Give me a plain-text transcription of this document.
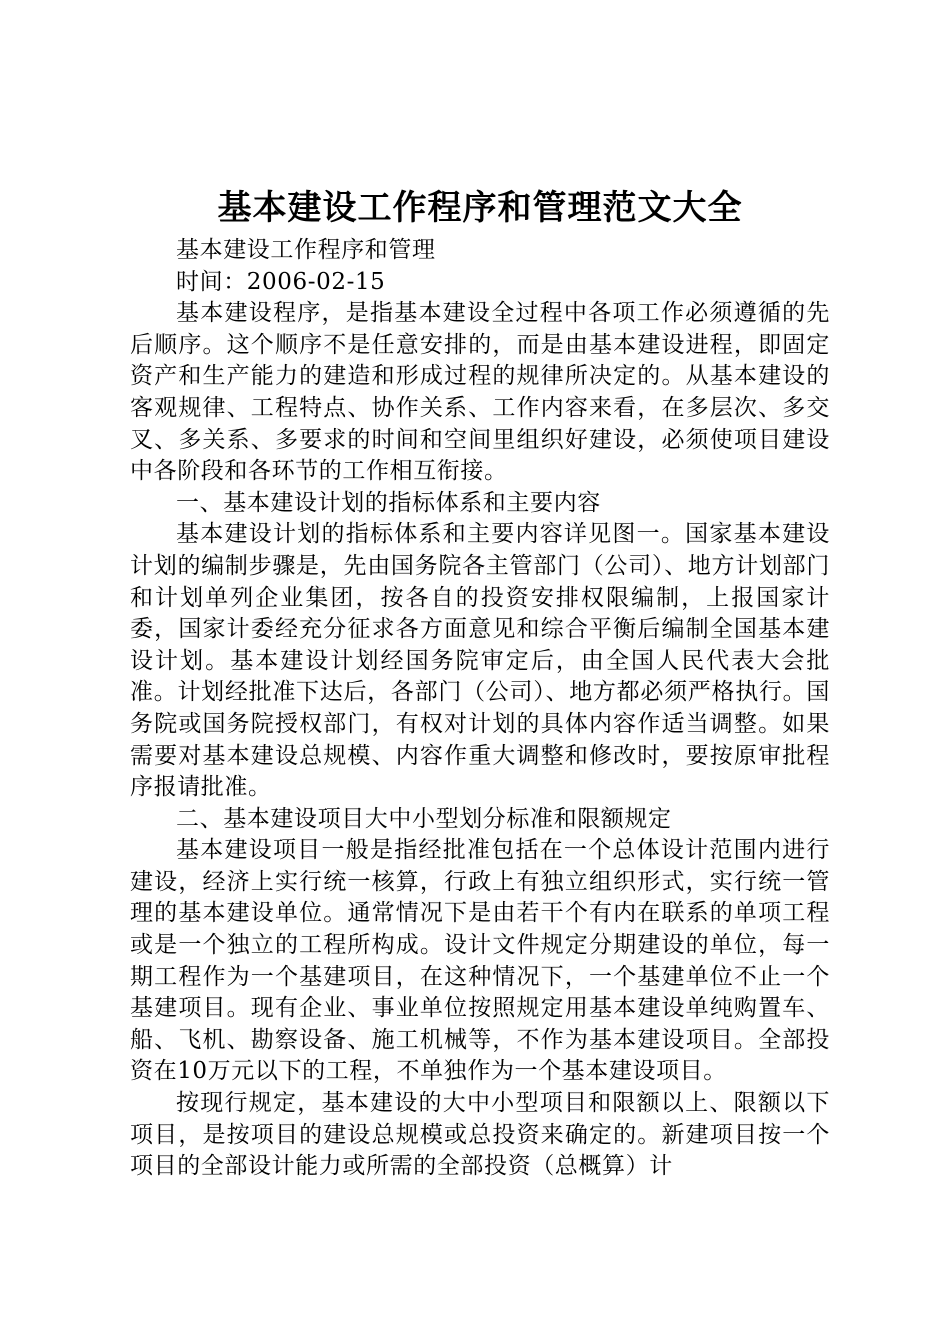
基本建设工作程序和管理范文大全

基本建设工作程序和管理

时间：2006-02-15

基本建设程序，是指基本建设全过程中各项工作必须遵循的先后顺序。这个顺序不是任意安排的，而是由基本建设进程，即固定资产和生产能力的建造和形成过程的规律所决定的。从基本建设的客观规律、工程特点、协作关系、工作内容来看，在多层次、多交叉、多关系、多要求的时间和空间里组织好建设，必须使项目建设中各阶段和各环节的工作相互衔接。

一、基本建设计划的指标体系和主要内容

基本建设计划的指标体系和主要内容详见图一。国家基本建设计划的编制步骤是，先由国务院各主管部门（公司）、地方计划部门和计划单列企业集团，按各自的投资安排权限编制，上报国家计委，国家计委经充分征求各方面意见和综合平衡后编制全国基本建设计划。基本建设计划经国务院审定后，由全国人民代表大会批准。计划经批准下达后，各部门（公司）、地方都必须严格执行。国务院或国务院授权部门，有权对计划的具体内容作适当调整。如果需要对基本建设总规模、内容作重大调整和修改时，要按原审批程序报请批准。

二、基本建设项目大中小型划分标准和限额规定

基本建设项目一般是指经批准包括在一个总体设计范围内进行建设，经济上实行统一核算，行政上有独立组织形式，实行统一管理的基本建设单位。通常情况下是由若干个有内在联系的单项工程或是一个独立的工程所构成。设计文件规定分期建设的单位，每一期工程作为一个基建项目，在这种情况下，一个基建单位不止一个基建项目。现有企业、事业单位按照规定用基本建设单纯购置车、船、飞机、勘察设备、施工机械等，不作为基本建设项目。全部投资在10万元以下的工程，不单独作为一个基本建设项目。

按现行规定，基本建设的大中小型项目和限额以上、限额以下项目，是按项目的建设总规模或总投资来确定的。新建项目按一个项目的全部设计能力或所需的全部投资（总概算）计
